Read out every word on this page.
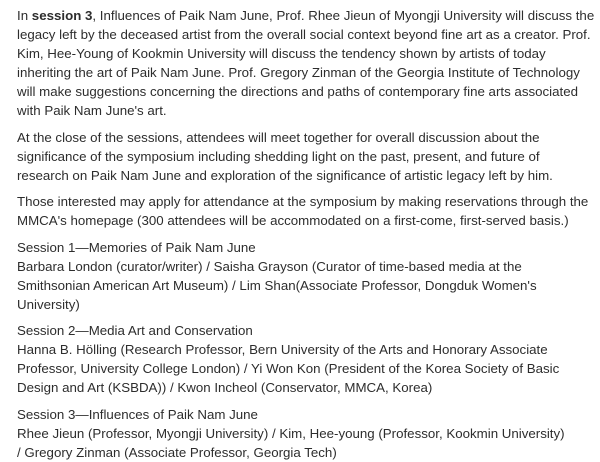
In session 3, Influences of Paik Nam June, Prof. Rhee Jieun of Myongji University will discuss the
legacy left by the deceased artist from the overall social context beyond fine art as a creator. Prof.
Kim, Hee-Young of Kookmin University will discuss the tendency shown by artists of today
inheriting the art of Paik Nam June. Prof. Gregory Zinman of the Georgia Institute of Technology
will make suggestions concerning the directions and paths of contemporary fine arts associated
with Paik Nam June's art.

At the close of the sessions, attendees will meet together for overall discussion about the
significance of the symposium including shedding light on the past, present, and future of
research on Paik Nam June and exploration of the significance of artistic legacy left by him.

Those interested may apply for attendance at the symposium by making reservations through the
MMCA's homepage (300 attendees will be accommodated on a first-come, first-served basis.)

Session 1—Memories of Paik Nam June
Barbara London (curator/writer) / Saisha Grayson (Curator of time-based media at the
Smithsonian American Art Museum) / Lim Shan(Associate Professor, Dongduk Women's
University)

Session 2—Media Art and Conservation
Hanna B. Hölling (Research Professor, Bern University of the Arts and Honorary Associate
Professor, University College London) / Yi Won Kon (President of the Korea Society of Basic
Design and Art (KSBDA)) / Kwon Incheol (Conservator, MMCA, Korea)

Session 3—Influences of Paik Nam June
Rhee Jieun (Professor, Myongji University) / Kim, Hee-young (Professor, Kookmin University)
/ Gregory Zinman (Associate Professor, Georgia Tech)
